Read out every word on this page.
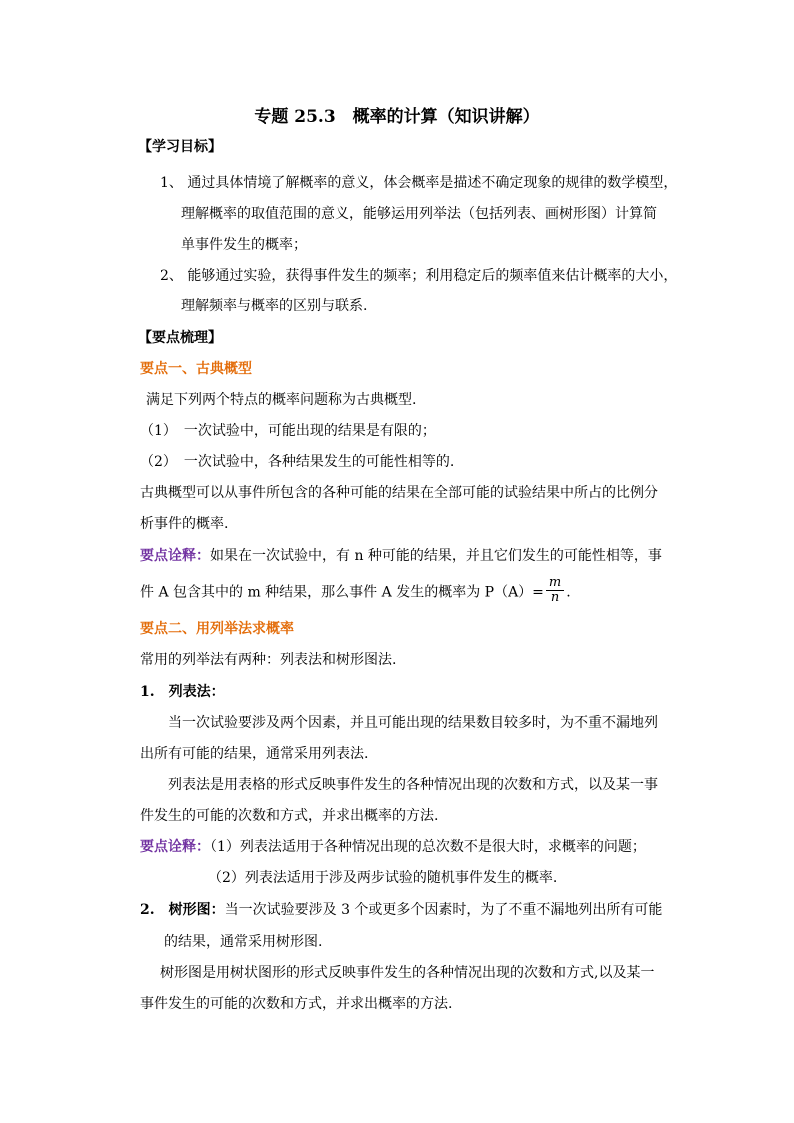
专题 25.3　概率的计算（知识讲解）
【学习目标】
1、 通过具体情境了解概率的意义，体会概率是描述不确定现象的规律的数学模型，
理解概率的取值范围的意义，能够运用列举法（包括列表、画树形图）计算简
单事件发生的概率；
2、 能够通过实验，获得事件发生的频率；利用稳定后的频率值来估计概率的大小，
理解频率与概率的区别与联系.
【要点梳理】
要点一、古典概型
满足下列两个特点的概率问题称为古典概型.
（1）　一次试验中，可能出现的结果是有限的；
（2）　一次试验中，各种结果发生的可能性相等的.
古典概型可以从事件所包含的各种可能的结果在全部可能的试验结果中所占的比例分
析事件的概率.
要点诠释：如果在一次试验中，有 n 种可能的结果，并且它们发生的可能性相等，事
件 A 包含其中的 m 种结果，那么事件 A 发生的概率为 $P(A)= \frac{m}{n}$ .
要点二、用列举法求概率
常用的列举法有两种：列表法和树形图法.
1.　列表法：
当一次试验要涉及两个因素，并且可能出现的结果数目较多时，为不重不漏地列
出所有可能的结果，通常采用列表法.
列表法是用表格的形式反映事件发生的各种情况出现的次数和方式，以及某一事
件发生的可能的次数和方式，并求出概率的方法.
要点诠释：（1）列表法适用于各种情况出现的总次数不是很大时，求概率的问题；
（2）列表法适用于涉及两步试验的随机事件发生的概率.
2.　树形图：当一次试验要涉及 3 个或更多个因素时，为了不重不漏地列出所有可能
的结果，通常采用树形图.
树形图是用树状图形的形式反映事件发生的各种情况出现的次数和方式,以及某一
事件发生的可能的次数和方式，并求出概率的方法.
